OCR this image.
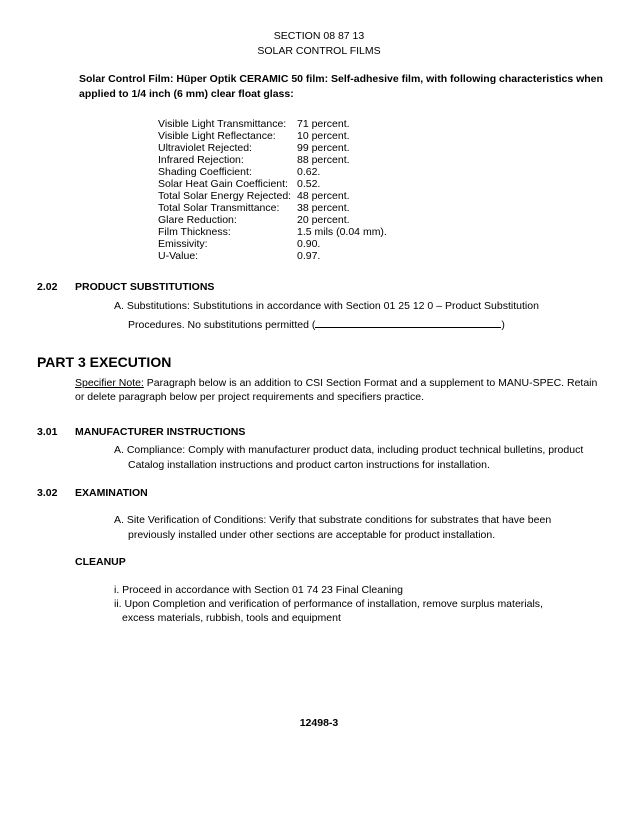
SECTION 08 87 13
SOLAR CONTROL FILMS
Solar Control Film: Hüper Optik CERAMIC 50 film: Self-adhesive film, with following characteristics when
applied to 1/4 inch (6 mm) clear float glass:
Visible Light Transmittance: 71 percent.
Visible Light Reflectance: 10 percent.
Ultraviolet Rejected:	99 percent.
Infrared Rejection:	88 percent.
Shading Coefficient:	0.62.
Solar Heat Gain Coefficient: 0.52.
Total Solar Energy Rejected: 48 percent.
Total Solar Transmittance: 38 percent.
Glare Reduction:	20 percent.
Film Thickness:	1.5 mils (0.04 mm).
Emissivity:	0.90.
U-Value:	0.97.
2.02 PRODUCT SUBSTITUTIONS
A. Substitutions: Substitutions in accordance with Section 01 25 12 0 – Product Substitution
Procedures. No substitutions permitted (	)
PART 3 EXECUTION
Specifier Note: Paragraph below is an addition to CSI Section Format and a supplement to MANU-SPEC. Retain
or delete paragraph below per project requirements and specifiers practice.
3.01 MANUFACTURER INSTRUCTIONS
A. Compliance: Comply with manufacturer product data, including product technical bulletins, product
Catalog installation instructions and product carton instructions for installation.
3.02 EXAMINATION
A. Site Verification of Conditions: Verify that substrate conditions for substrates that have been
previously installed under other sections are acceptable for product installation.
CLEANUP
i. Proceed in accordance with Section 01 74 23 Final Cleaning
ii. Upon Completion and verification of performance of installation, remove surplus materials,
excess materials, rubbish, tools and equipment
12498-3
